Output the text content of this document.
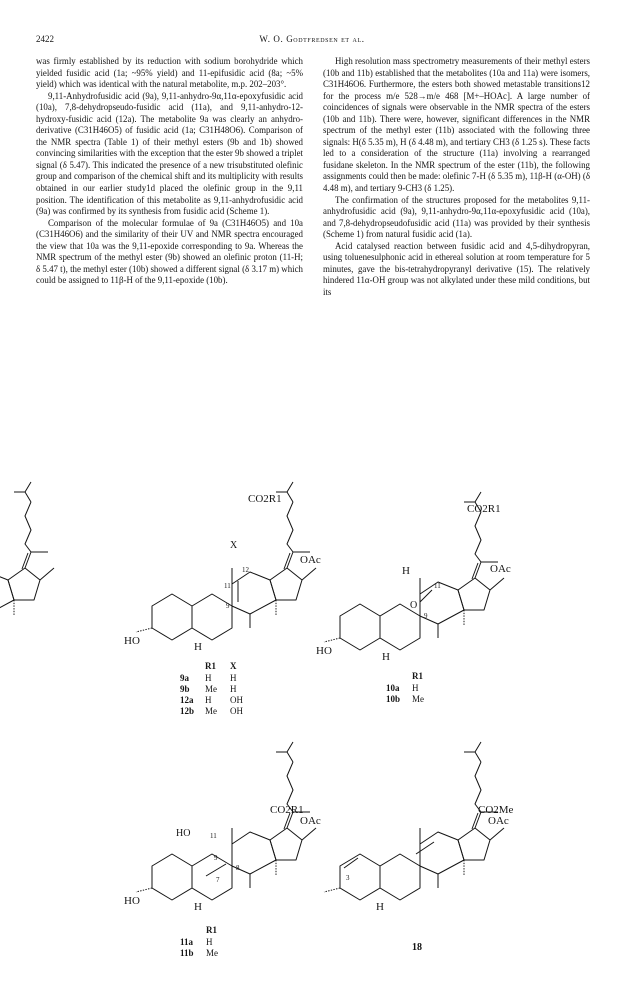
2422	W. O. Godtfredsen et al.

was firmly established by its reduction with sodium borohydride which yielded fusidic acid (1a; ~95% yield) and 11-epifusidic acid (8a; ~5% yield) which was identical with the natural metabolite, m.p. 202–203°.

9,11-Anhydrofusidic acid (9a), 9,11-anhydro-9α,11α-epoxyfusidic acid (10a), 7,8-dehydropseudo-fusidic acid (11a), and 9,11-anhydro-12-hydroxy-fusidic acid (12a). The metabolite 9a was clearly an anhydro-derivative (C31H46O5) of fusidic acid (1a; C31H48O6). Comparison of the NMR spectra (Table 1) of their methyl esters (9b and 1b) showed convincing similarities with the exception that the ester 9b showed a triplet signal (δ 5.47). This indicated the presence of a new trisubstituted olefinic group and comparison of the chemical shift and its multiplicity with results obtained in our earlier study1d placed the olefinic group in the 9,11 position. The identification of this metabolite as 9,11-anhydrofusidic acid (9a) was confirmed by its synthesis from fusidic acid (Scheme 1).

Comparison of the molecular formulae of 9a (C31H46O5) and 10a (C31H46O6) and the similarity of their UV and NMR spectra encouraged the view that 10a was the 9,11-epoxide corresponding to 9a. Whereas the NMR spectrum of the methyl ester (9b) showed an olefinic proton (11-H; δ 5.47 t), the methyl ester (10b) showed a different signal (δ 3.17 m) which could be assigned to 11β-H of the 9,11-epoxide (10b).

High resolution mass spectrometry measurements of their methyl esters (10b and 11b) established that the metabolites (10a and 11a) were isomers, C31H46O6. Furthermore, the esters both showed metastable transitions12 for the process m/e 528→m/e 468 [M+–HOAc]. A large number of coincidences of signals were observable in the NMR spectra of the esters (10b and 11b). There were, however, significant differences in the NMR spectrum of the methyl ester (11b) associated with the following three signals: H(δ 5.35 m), H (δ 4.48 m), and tertiary CH3 (δ 1.25 s). These facts led to a consideration of the structure (11a) involving a rearranged fusidane skeleton. In the NMR spectrum of the ester (11b), the following assignments could then be made: olefinic 7-H (δ 5.35 m), 11β-H (α-OH) (δ 4.48 m), and tertiary 9-CH3 (δ 1.25).

The confirmation of the structures proposed for the metabolites 9,11-anhydrofusidic acid (9a), 9,11-anhydro-9α,11α-epoxyfusidic acid (10a), and 7,8-dehydropseudofusidic acid (11a) was provided by their synthesis (Scheme 1) from natural fusidic acid (1a).

Acid catalysed reaction between fusidic acid and 4,5-dihydropyran, using toluenesulphonic acid in ethereal solution at room temperature for 5 minutes, gave the bis-tetrahydropyranyl derivative (15). The relatively hindered 11α-OH group was not alkylated under these mild conditions, but its

CO2R1
OAc
HO	H
X
11
12
9
R1 X
9a H H
9b Me H
12a H OH
12b Me OH
CO2R1
OAc
HO	H
H
O
11
9
R1
10a H
10b Me
CO2R1
OAc
HO	H
HO	11
9
8
7
R1
11a H
11b Me
CO2Me
OAc
H
3
18
